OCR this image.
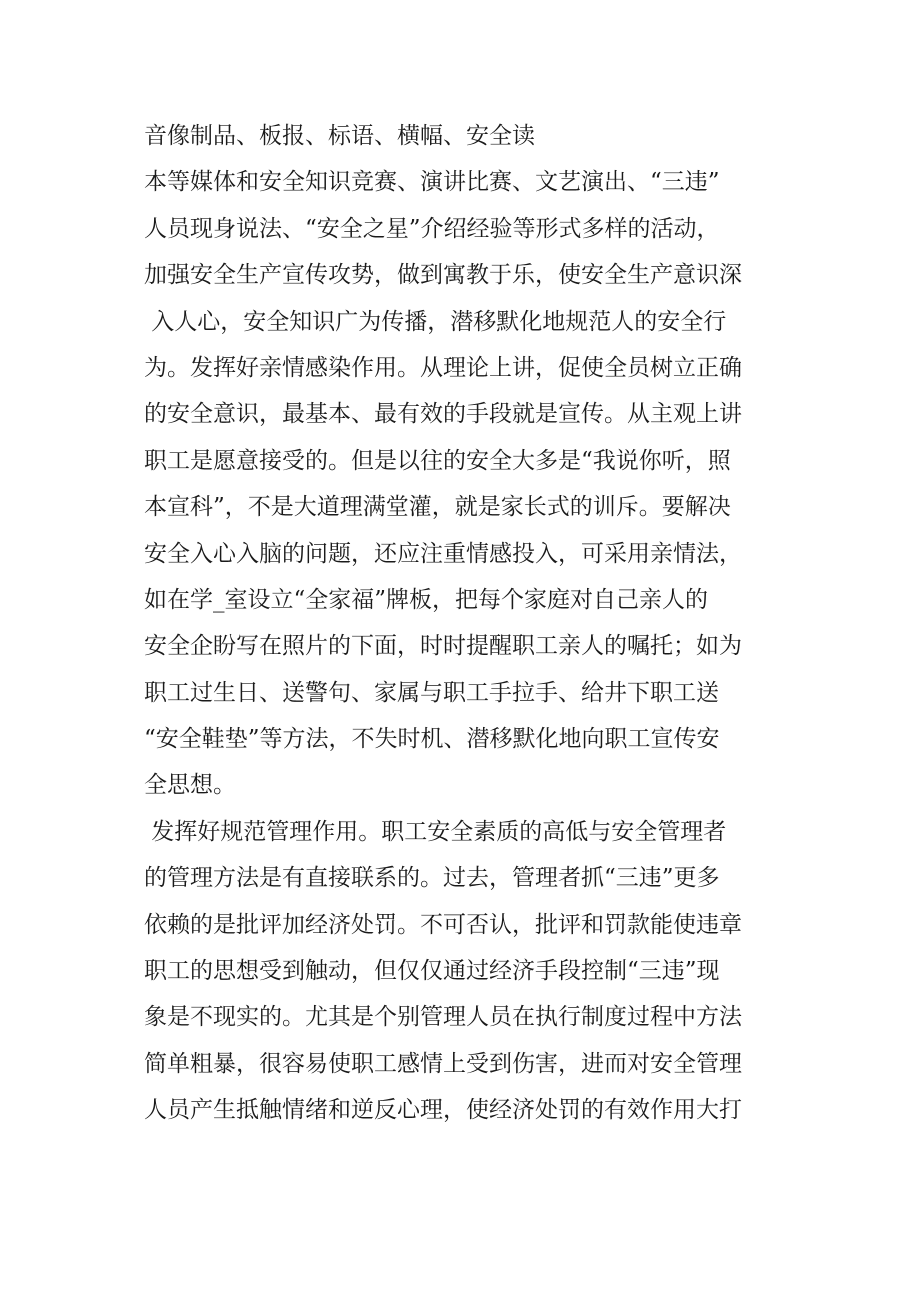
音像制品、板报、标语、横幅、安全读
本等媒体和安全知识竞赛、演讲比赛、文艺演出、“三违”
人员现身说法、“安全之星”介绍经验等形式多样的活动，
加强安全生产宣传攻势，做到寓教于乐，使安全生产意识深
入人心，安全知识广为传播，潜移默化地规范人的安全行
为。发挥好亲情感染作用。从理论上讲，促使全员树立正确
的安全意识，最基本、最有效的手段就是宣传。从主观上讲
职工是愿意接受的。但是以往的安全大多是“我说你听，照
本宣科”，不是大道理满堂灌，就是家长式的训斥。要解决
安全入心入脑的问题，还应注重情感投入，可采用亲情法，
如在学_室设立“全家福”牌板，把每个家庭对自己亲人的
安全企盼写在照片的下面，时时提醒职工亲人的嘱托；如为
职工过生日、送警句、家属与职工手拉手、给井下职工送
“安全鞋垫”等方法，不失时机、潜移默化地向职工宣传安
全思想。
发挥好规范管理作用。职工安全素质的高低与安全管理者
的管理方法是有直接联系的。过去，管理者抓“三违”更多
依赖的是批评加经济处罚。不可否认，批评和罚款能使违章
职工的思想受到触动，但仅仅通过经济手段控制“三违”现
象是不现实的。尤其是个别管理人员在执行制度过程中方法
简单粗暴，很容易使职工感情上受到伤害，进而对安全管理
人员产生抵触情绪和逆反心理，使经济处罚的有效作用大打
